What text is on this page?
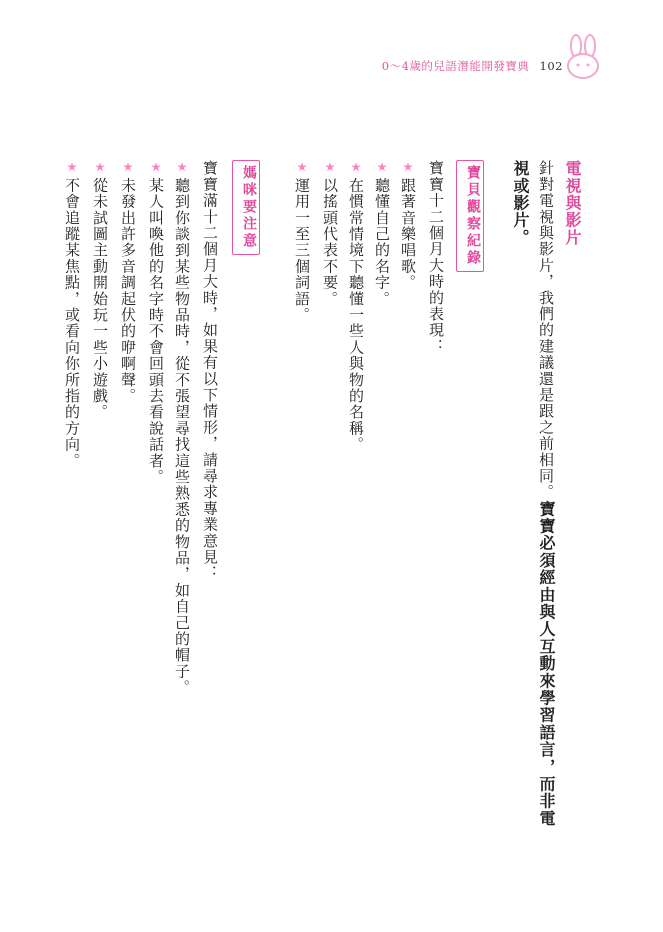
0～4歲的兒語潛能開發寶典 102
電視與影片
針對電視與影片，我們的建議還是跟之前相同。寶寶必須經由與人互動來學習語言，而非電
視或影片。
寶貝觀察紀錄
寶寶十二個月大時的表現：
★跟著音樂唱歌。
★聽懂自己的名字。
★在慣常情境下聽懂一些人與物的名稱。
★以搖頭代表不要。
★運用一至三個詞語。
媽咪要注意
寶寶滿十二個月大時，如果有以下情形，請尋求專業意見：
★聽到你談到某些物品時，從不張望尋找這些熟悉的物品，如自己的帽子。
★某人叫喚他的名字時不會回頭去看說話者。
★未發出許多音調起伏的咿啊聲。
★從未試圖主動開始玩一些小遊戲。
★不會追蹤某焦點，或看向你所指的方向。
